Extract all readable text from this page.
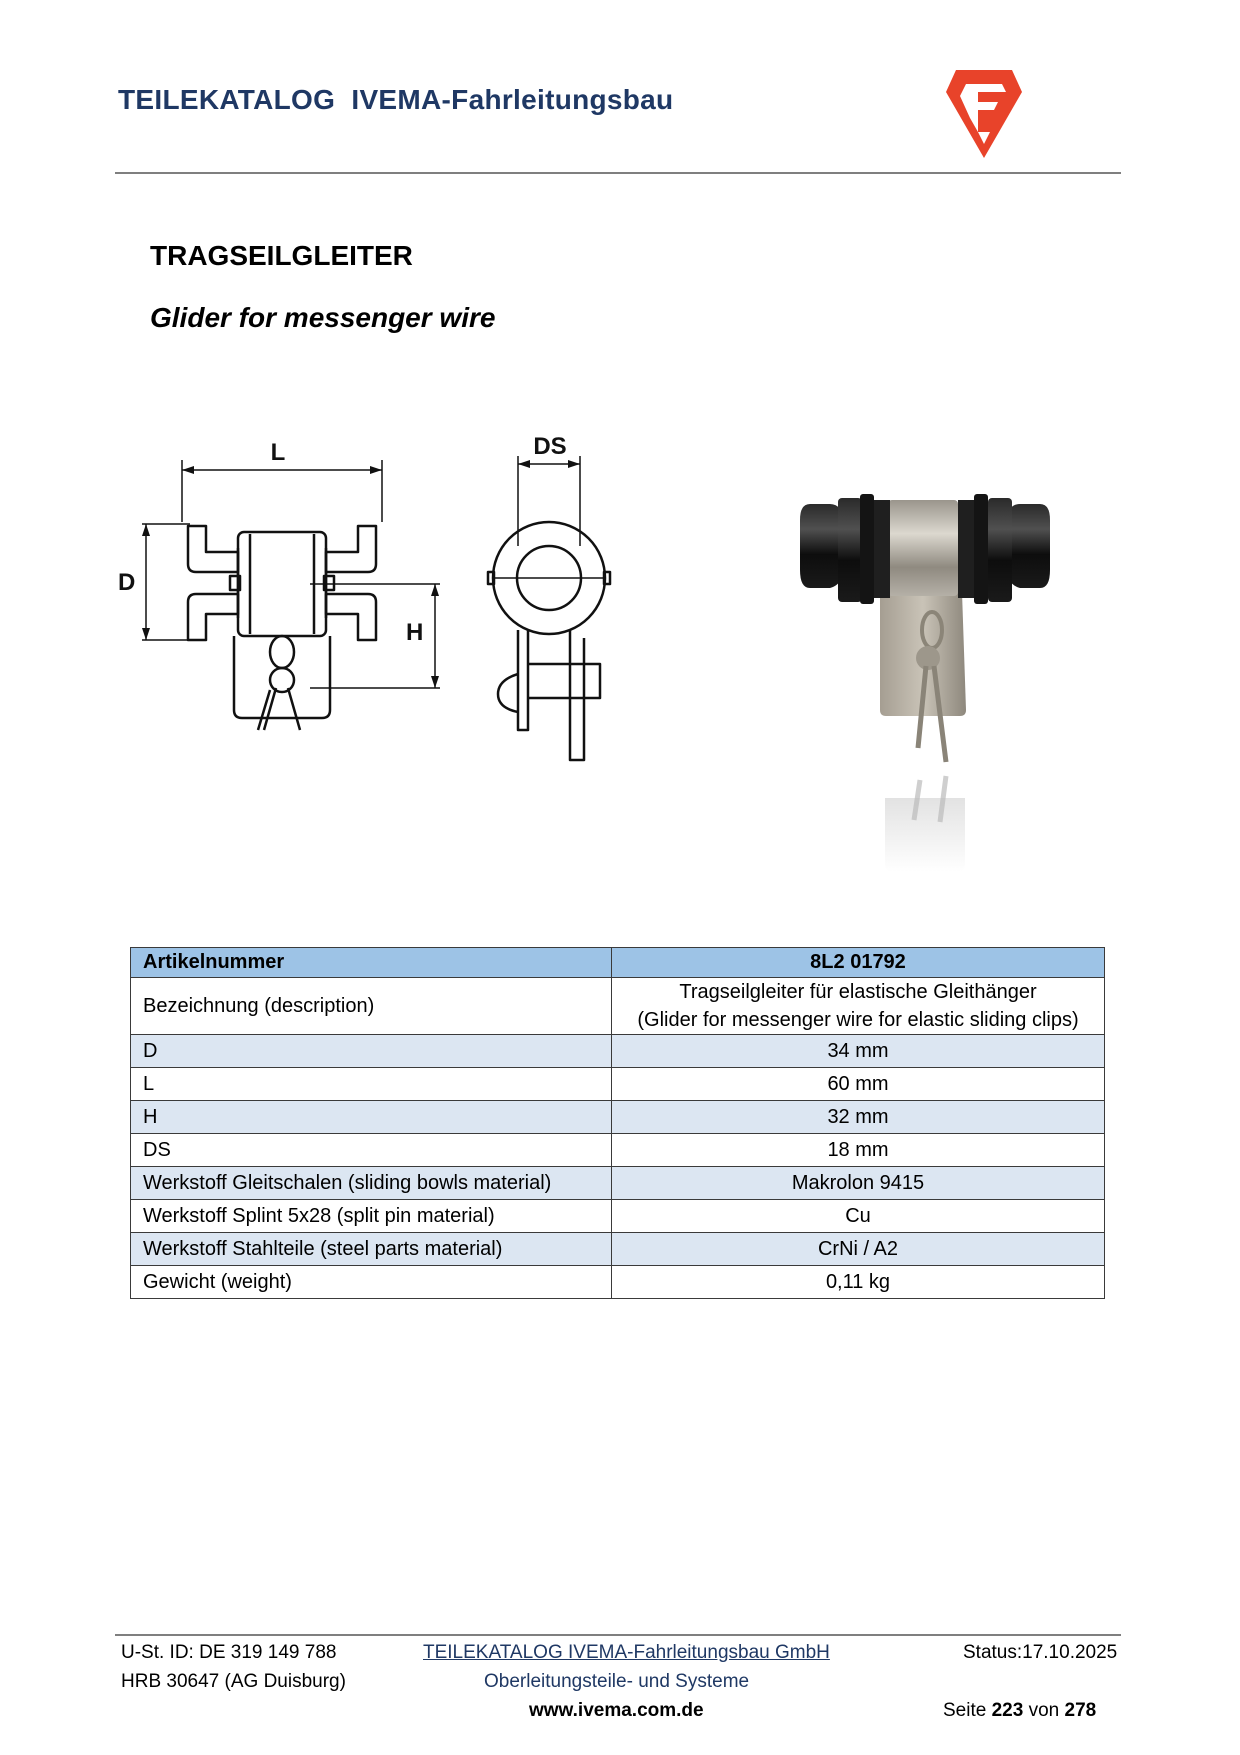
TEILEKATALOG  IVEMA-Fahrleitungsbau
TRAGSEILGLEITER
Glider for messenger wire
L
D
H
DS
Artikelnummer	8L2 01792
Bezeichnung (description)	Tragseilgleiter für elastische Gleithänger
(Glider for messenger wire for elastic sliding clips)

D	34 mm
L	60 mm
H	32 mm
DS	18 mm
Werkstoff Gleitschalen (sliding bowls material)	Makrolon 9415
Werkstoff Splint 5x28 (split pin material)	Cu
Werkstoff Stahlteile (steel parts material)	CrNi / A2
Gewicht (weight)	0,11 kg
U-St. ID: DE 319 149 788
HRB 30647 (AG Duisburg)
TEILEKATALOG IVEMA-Fahrleitungsbau GmbH
Oberleitungsteile- und Systeme
www.ivema.com.de
Status:17.10.2025
Seite 223 von 278
